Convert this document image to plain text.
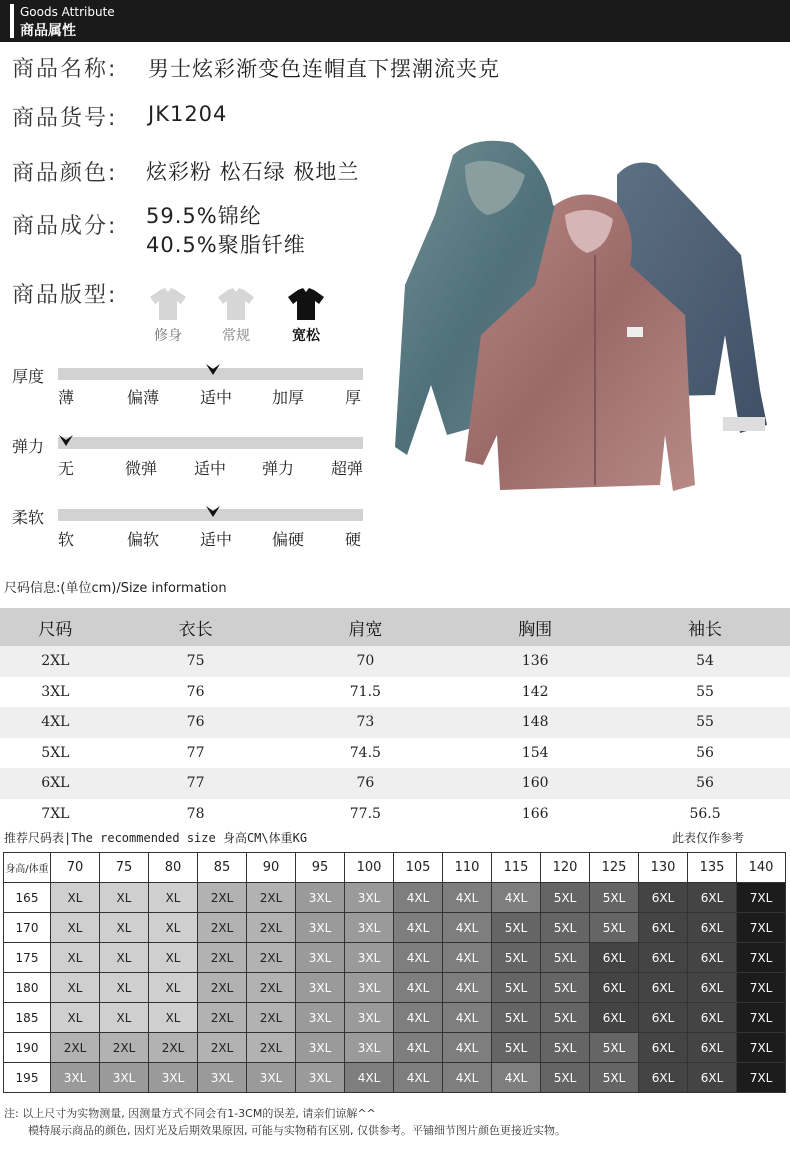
Goods Attribute
商品属性
商品名称: 男士炫彩渐变色连帽直下摆潮流夹克
商品货号: JK1204
商品颜色: 炫彩粉 松石绿 极地兰
商品成分: 59.5%锦纶
40.5%聚脂钎维
商品版型:
修身	常规	宽松
厚度
薄	偏薄	适中	加厚	厚
弹力
无	微弹	适中	弹力	超弹
柔软
软	偏软	适中	偏硬	硬
尺码信息:(单位cm)/Size information
尺码	衣长	肩宽	胸围	袖长
2XL	75	70	136	54
3XL	76	71.5	142	55
4XL	76	73	148	55
5XL	77	74.5	154	56
6XL	77	76	160	56
7XL	78	77.5	166	56.5
推荐尺码表|The recommended size 身高CM\体重KG	此表仅作参考
身高/体重	70	75	80	85	90	95	100	105	110	115	120	125	130	135	140
165	XL	XL	XL	2XL	2XL	3XL	3XL	4XL	4XL	4XL	5XL	5XL	6XL	6XL	7XL
170	XL	XL	XL	2XL	2XL	3XL	3XL	4XL	4XL	5XL	5XL	5XL	6XL	6XL	7XL
175	XL	XL	XL	2XL	2XL	3XL	3XL	4XL	4XL	5XL	5XL	6XL	6XL	6XL	7XL
180	XL	XL	XL	2XL	2XL	3XL	3XL	4XL	4XL	5XL	5XL	6XL	6XL	6XL	7XL
185	XL	XL	XL	2XL	2XL	3XL	3XL	4XL	4XL	5XL	5XL	6XL	6XL	6XL	7XL
190	2XL	2XL	2XL	2XL	2XL	3XL	3XL	4XL	4XL	5XL	5XL	5XL	6XL	6XL	7XL
195	3XL	3XL	3XL	3XL	3XL	3XL	4XL	4XL	4XL	4XL	5XL	5XL	6XL	6XL	7XL
注: 以上尺寸为实物测量, 因测量方式不同会有1-3CM的误差, 请亲们谅解^^
模特展示商品的颜色, 因灯光及后期效果原因, 可能与实物稍有区别, 仅供参考。平铺细节图片颜色更接近实物。
